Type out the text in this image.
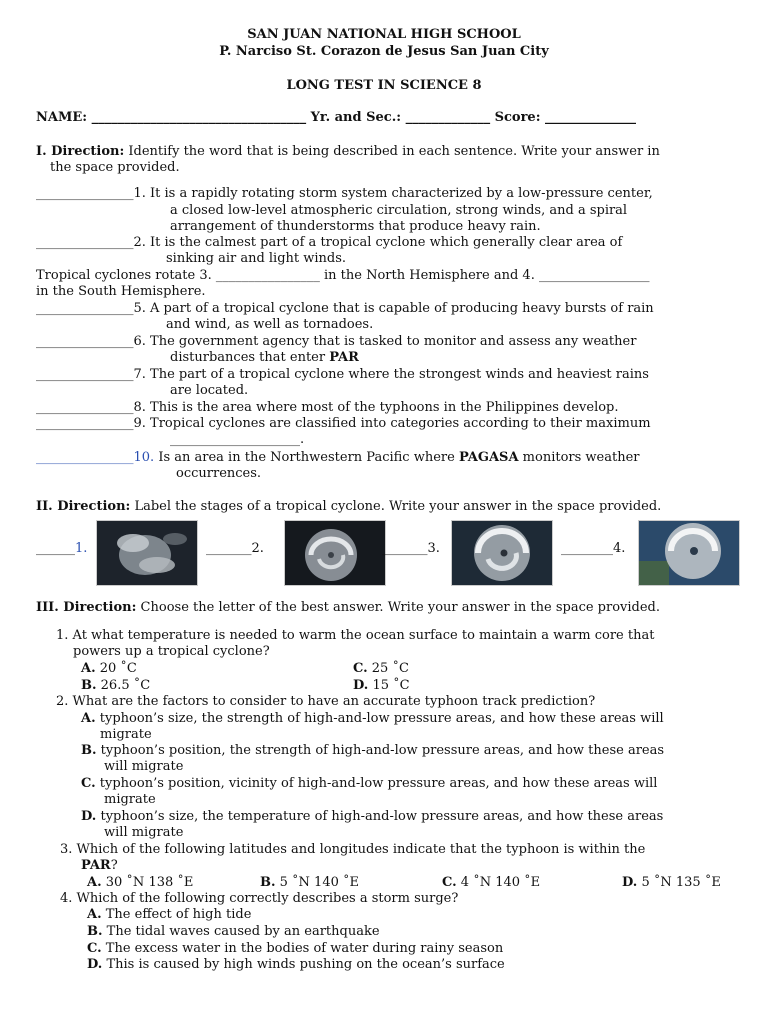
SAN JUAN NATIONAL HIGH SCHOOL
P. Narciso St. Corazon de Jesus San Juan City
LONG TEST IN SCIENCE 8
NAME: _________________________________ Yr. and Sec.: _____________ Score: ______________
I. Direction: Identify the word that is being described in each sentence. Write your answer in
the space provided.
_______________1. It is a rapidly rotating storm system characterized by a low-pressure center,
a closed low-level atmospheric circulation, strong winds, and a spiral
arrangement of thunderstorms that produce heavy rain.
_______________2. It is the calmest part of a tropical cyclone which generally clear area of
sinking air and light winds.
Tropical cyclones rotate 3. ________________ in the North Hemisphere and 4. _________________
in the South Hemisphere.
_______________5. A part of a tropical cyclone that is capable of producing heavy bursts of rain
and wind, as well as tornadoes.
_______________6. The government agency that is tasked to monitor and assess any weather
disturbances that enter PAR
_______________7. The part of a tropical cyclone where the strongest winds and heaviest rains
are located.
_______________8. This is the area where most of the typhoons in the Philippines develop.
_______________9. Tropical cyclones are classified into categories according to their maximum
____________________.
_______________10. Is an area in the Northwestern Pacific where PAGASA monitors weather
occurrences.
II. Direction: Label the stages of a tropical cyclone. Write your answer in the space provided.
______1.	_______2.	_______3.	________4.
III. Direction: Choose the letter of the best answer. Write your answer in the space provided.
1. At what temperature is needed to warm the ocean surface to maintain a warm core that
powers up a tropical cyclone?
A. 20 ˚C	C. 25 ˚C
B. 26.5 ˚C	D. 15 ˚C
2. What are the factors to consider to have an accurate typhoon track prediction?
A. typhoon’s size, the strength of high-and-low pressure areas, and how these areas will
migrate
B. typhoon’s position, the strength of high-and-low pressure areas, and how these areas
will migrate
C. typhoon’s position, vicinity of high-and-low pressure areas, and how these areas will
migrate
D. typhoon’s size, the temperature of high-and-low pressure areas, and how these areas
will migrate
3. Which of the following latitudes and longitudes indicate that the typhoon is within the
PAR?
A. 30 ˚N 138 ˚E	B. 5 ˚N 140 ˚E	C. 4 ˚N 140 ˚E	D. 5 ˚N 135 ˚E
4. Which of the following correctly describes a storm surge?
A. The effect of high tide
B. The tidal waves caused by an earthquake
C. The excess water in the bodies of water during rainy season
D. This is caused by high winds pushing on the ocean’s surface
